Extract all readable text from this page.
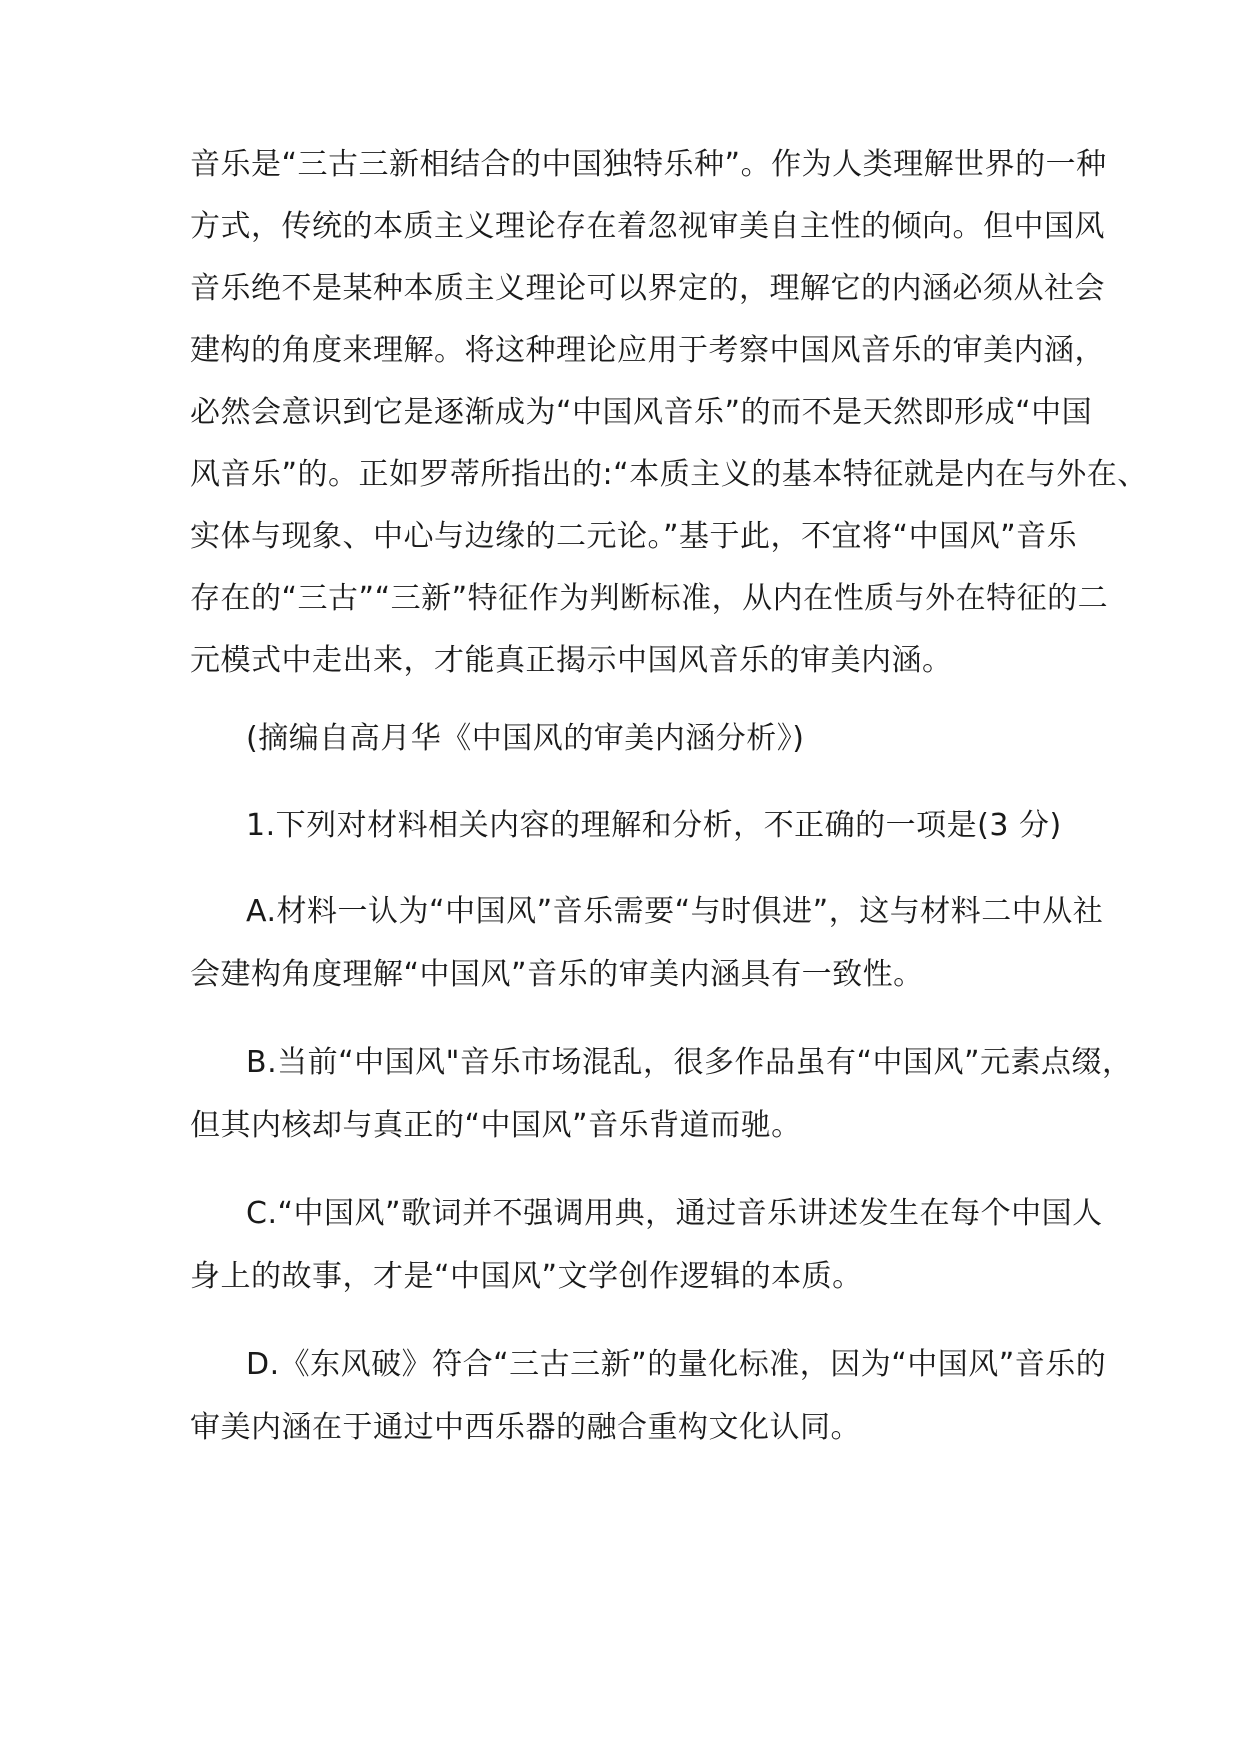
音乐是“三古三新相结合的中国独特乐种”。作为人类理解世界的一种
方式，传统的本质主义理论存在着忽视审美自主性的倾向。但中国风
音乐绝不是某种本质主义理论可以界定的，理解它的内涵必须从社会
建构的角度来理解。将这种理论应用于考察中国风音乐的审美内涵，
必然会意识到它是逐渐成为“中国风音乐”的而不是天然即形成“中国
风音乐”的。正如罗蒂所指出的:“本质主义的基本特征就是内在与外在、
实体与现象、中心与边缘的二元论。”基于此，不宜将“中国风”音乐
存在的“三古”“三新”特征作为判断标准，从内在性质与外在特征的二
元模式中走出来，才能真正揭示中国风音乐的审美内涵。
(摘编自高月华《中国风的审美内涵分析》)
1.下列对材料相关内容的理解和分析，不正确的一项是(3 分)
A.材料一认为“中国风”音乐需要“与时俱进”，这与材料二中从社
会建构角度理解“中国风”音乐的审美内涵具有一致性。
B.当前“中国风"音乐市场混乱，很多作品虽有“中国风”元素点缀，
但其内核却与真正的“中国风”音乐背道而驰。
C.“中国风”歌词并不强调用典，通过音乐讲述发生在每个中国人
身上的故事，才是“中国风”文学创作逻辑的本质。
D.《东风破》符合“三古三新”的量化标准，因为“中国风”音乐的
审美内涵在于通过中西乐器的融合重构文化认同。
